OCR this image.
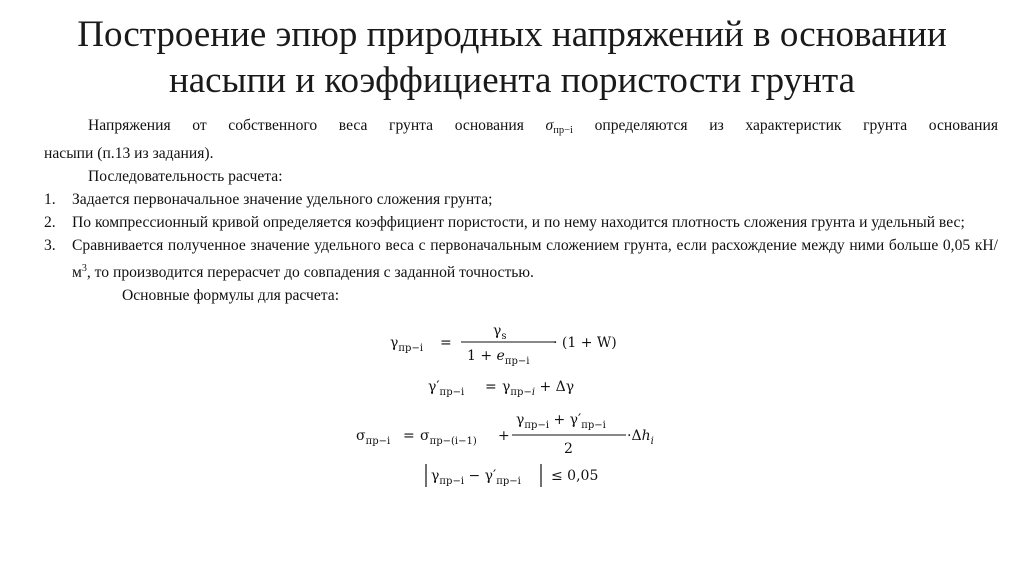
Построение эпюр природных напряжений в основании
насыпи и коэффициента пористости грунта

Напряжения от собственного веса грунта основания $\sigma_{пр-i}$ определяются из характеристик грунта основания

насыпи (п.13 из задания).

Последовательность расчета:

1.	Задается первоначальное значение удельного сложения грунта;
2.	По компрессионный кривой определяется коэффициент пористости, и по нему находится плотность сложения грунта и удельный вес;
3.	Сравнивается полученное значение удельного веса с первоначальным сложением грунта, если расхождение между ними больше 0,05 $кН/м^3$, то производится перерасчет до совпадения с заданной точностью.

Основные формулы для расчета:

$\gamma_{пр-i}$ =
$\gamma_s$
$1 + e_{пр-i}$
· (1 + W)
$\gamma'_{пр-i} = \gamma_{пр-}i + \Delta\gamma$
$\sigma_{пр-i} = \sigma_{пр-(i-1)}$ +
$\gamma_{пр-i} + \gamma'_{пр-i}$
2
$\cdot\Delta h_i$
$\gamma_{пр-i} - \gamma'_{пр-i} \le 0,05$
